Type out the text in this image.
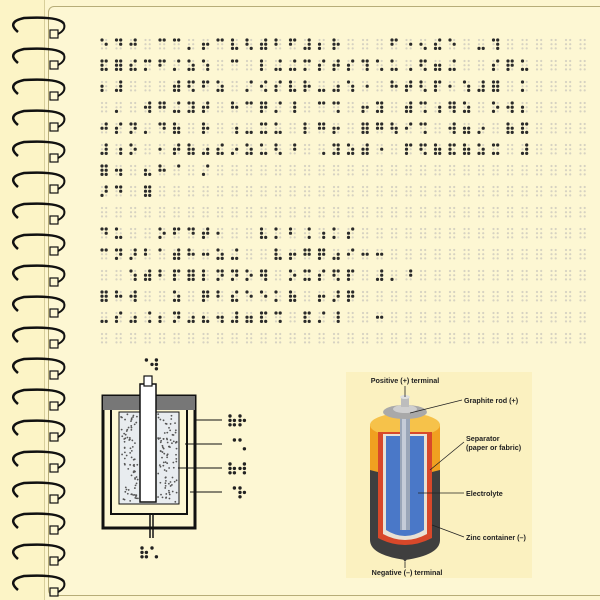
Positive (+) terminal
Graphite rod (+)
Separator
(paper or fabric)
Electrolyte
Zinc container (–)
Negative (–) terminal
